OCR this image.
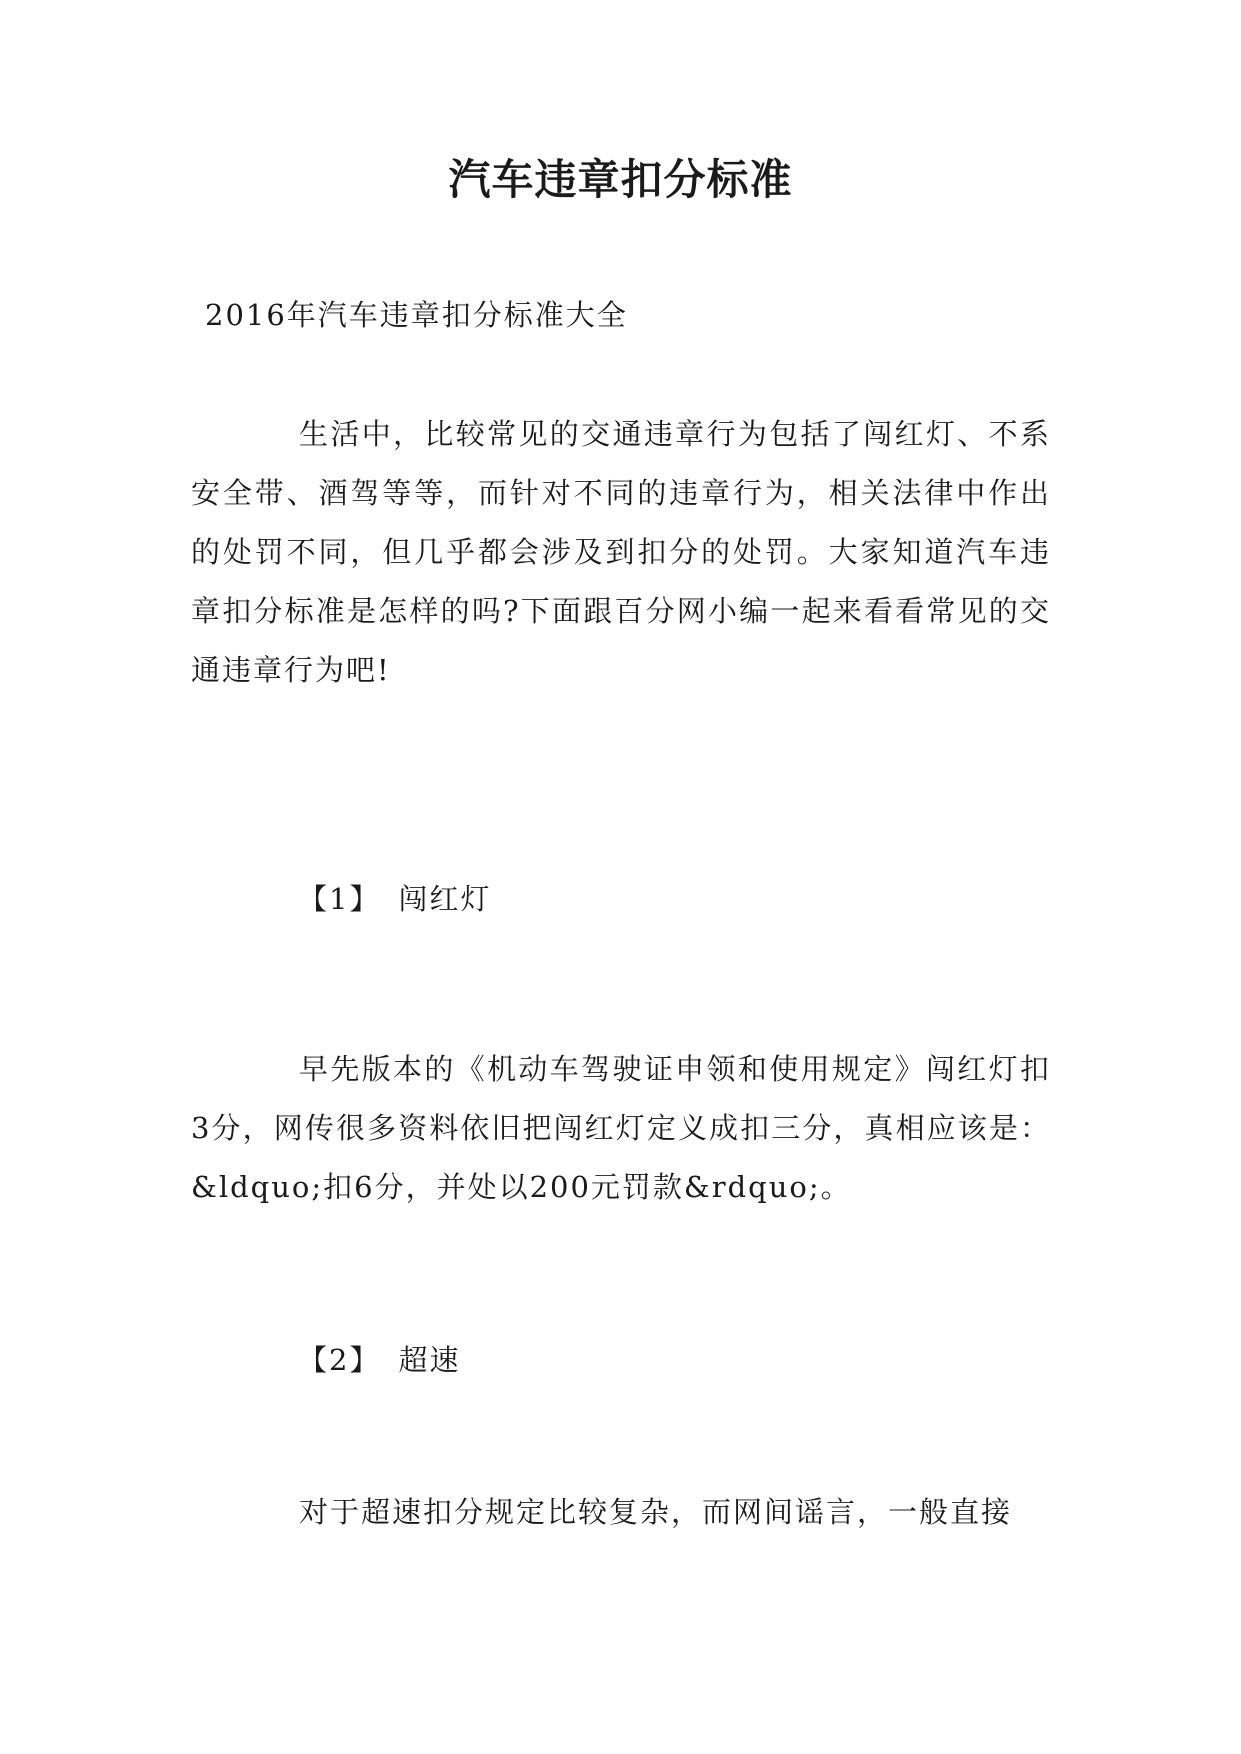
汽车违章扣分标准
2016年汽车违章扣分标准大全

生活中，比较常见的交通违章行为包括了闯红灯、不系安全带、酒驾等等，而针对不同的违章行为，相关法律中作出的处罚不同，但几乎都会涉及到扣分的处罚。大家知道汽车违章扣分标准是怎样的吗?下面跟百分网小编一起来看看常见的交通违章行为吧!

【1】 闯红灯

早先版本的《机动车驾驶证申领和使用规定》闯红灯扣3分，网传很多资料依旧把闯红灯定义成扣三分，真相应该是：&ldquo;扣6分，并处以200元罚款&rdquo;。

【2】 超速

对于超速扣分规定比较复杂，而网间谣言，一般直接
